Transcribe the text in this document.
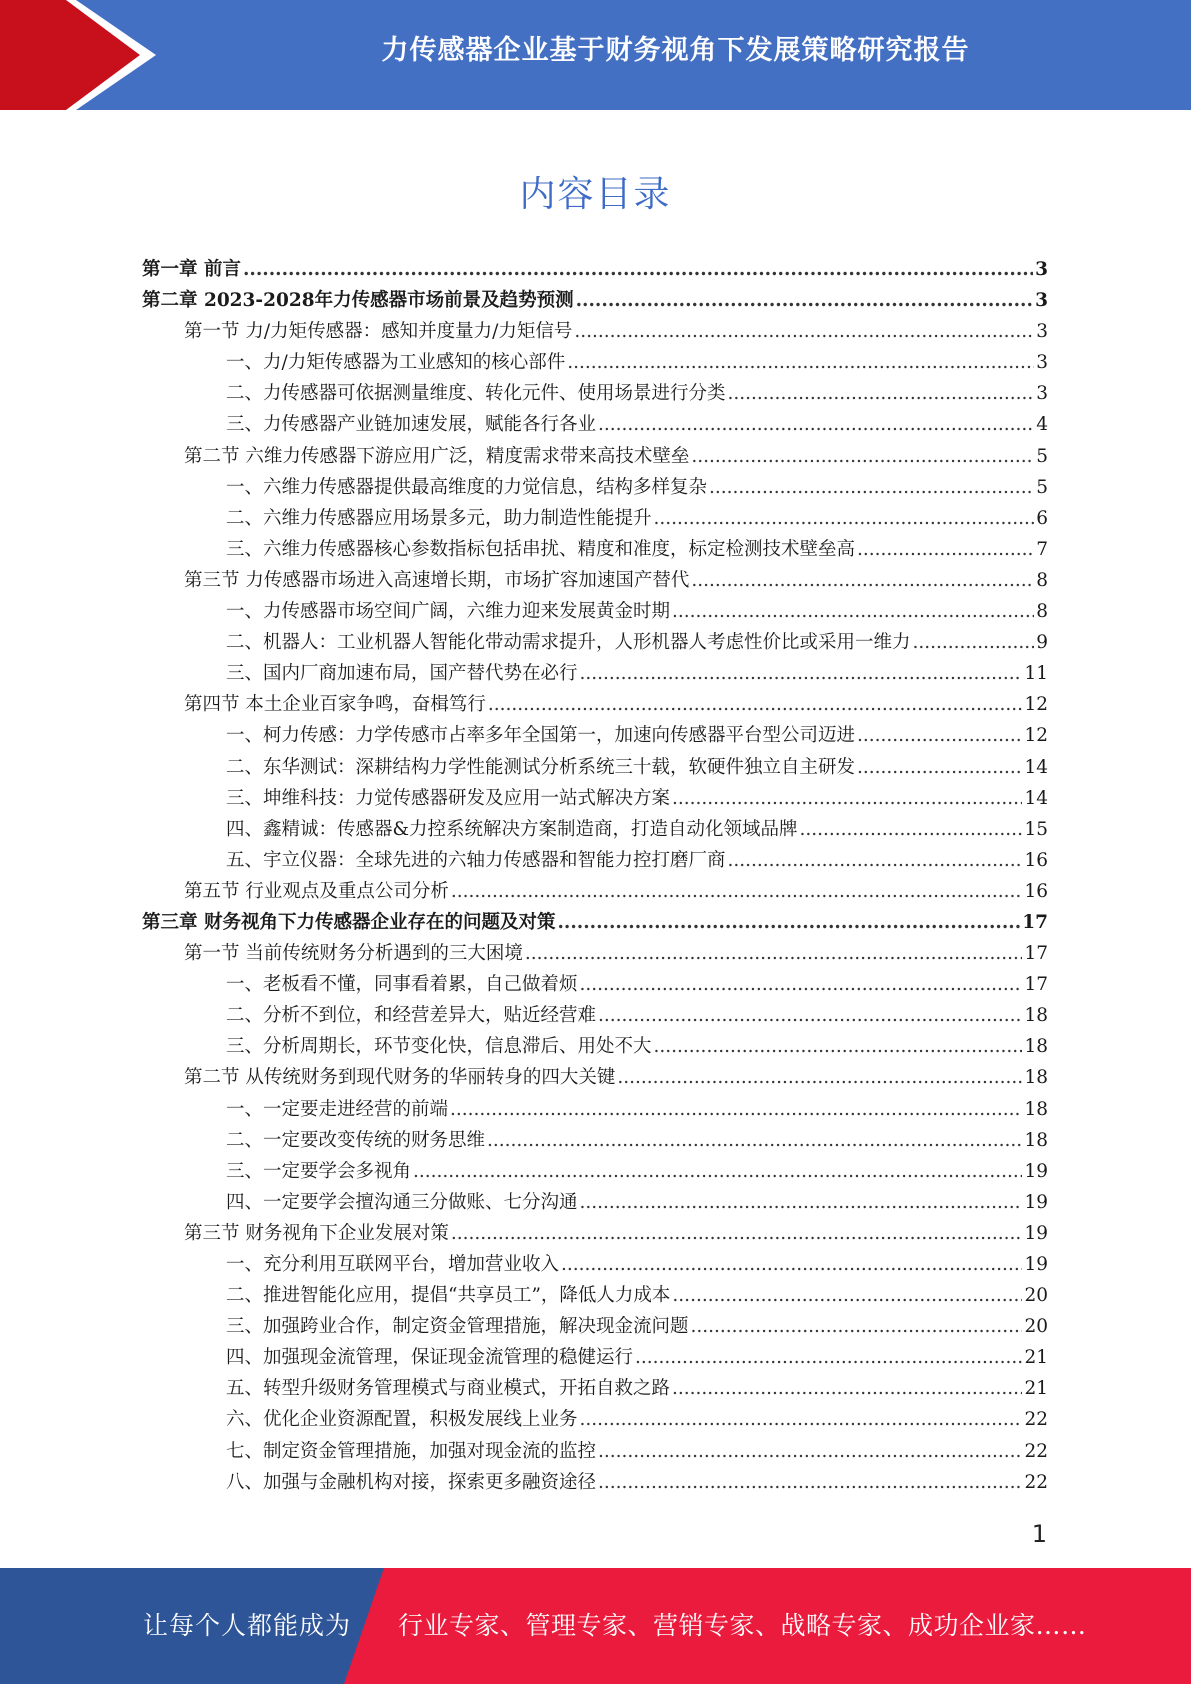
力传感器企业基于财务视角下发展策略研究报告
内容目录
第一章 前言 .....	3
第二章 2023-2028年力传感器市场前景及趋势预测 .....	3
第一节 力/力矩传感器：感知并度量力/力矩信号 .....	3
一、力/力矩传感器为工业感知的核心部件 .....	3
二、力传感器可依据测量维度、转化元件、使用场景进行分类 .....	3
三、力传感器产业链加速发展，赋能各行各业 .....	4
第二节 六维力传感器下游应用广泛，精度需求带来高技术壁垒 .....	5
一、六维力传感器提供最高维度的力觉信息，结构多样复杂 .....	5
二、六维力传感器应用场景多元，助力制造性能提升 .....	6
三、六维力传感器核心参数指标包括串扰、精度和准度，标定检测技术壁垒高 .....	7
第三节 力传感器市场进入高速增长期，市场扩容加速国产替代 .....	8
一、力传感器市场空间广阔，六维力迎来发展黄金时期 .....	8
二、机器人：工业机器人智能化带动需求提升，人形机器人考虑性价比或采用一维力 .....	9
三、国内厂商加速布局，国产替代势在必行 .....	11
第四节 本土企业百家争鸣，奋楫笃行 .....	12
一、柯力传感：力学传感市占率多年全国第一，加速向传感器平台型公司迈进 .....	12
二、东华测试：深耕结构力学性能测试分析系统三十载，软硬件独立自主研发 .....	14
三、坤维科技：力觉传感器研发及应用一站式解决方案 .....	14
四、鑫精诚：传感器&力控系统解决方案制造商，打造自动化领域品牌 .....	15
五、宇立仪器：全球先进的六轴力传感器和智能力控打磨厂商 .....	16
第五节 行业观点及重点公司分析 .....	16
第三章 财务视角下力传感器企业存在的问题及对策 .....	17
第一节 当前传统财务分析遇到的三大困境 .....	17
一、老板看不懂，同事看着累，自己做着烦 .....	17
二、分析不到位，和经营差异大，贴近经营难 .....	18
三、分析周期长，环节变化快，信息滞后、用处不大 .....	18
第二节 从传统财务到现代财务的华丽转身的四大关键 .....	18
一、一定要走进经营的前端 .....	18
二、一定要改变传统的财务思维 .....	18
三、一定要学会多视角 .....	19
四、一定要学会擅沟通三分做账、七分沟通 .....	19
第三节 财务视角下企业发展对策 .....	19
一、充分利用互联网平台，增加营业收入 .....	19
二、推进智能化应用，提倡“共享员工”，降低人力成本 .....	20
三、加强跨业合作，制定资金管理措施，解决现金流问题 .....	20
四、加强现金流管理，保证现金流管理的稳健运行 .....	21
五、转型升级财务管理模式与商业模式，开拓自救之路 .....	21
六、优化企业资源配置，积极发展线上业务 .....	22
七、制定资金管理措施，加强对现金流的监控 .....	22
八、加强与金融机构对接，探索更多融资途径 .....	22
1
让每个人都能成为 行业专家、管理专家、营销专家、战略专家、成功企业家……
